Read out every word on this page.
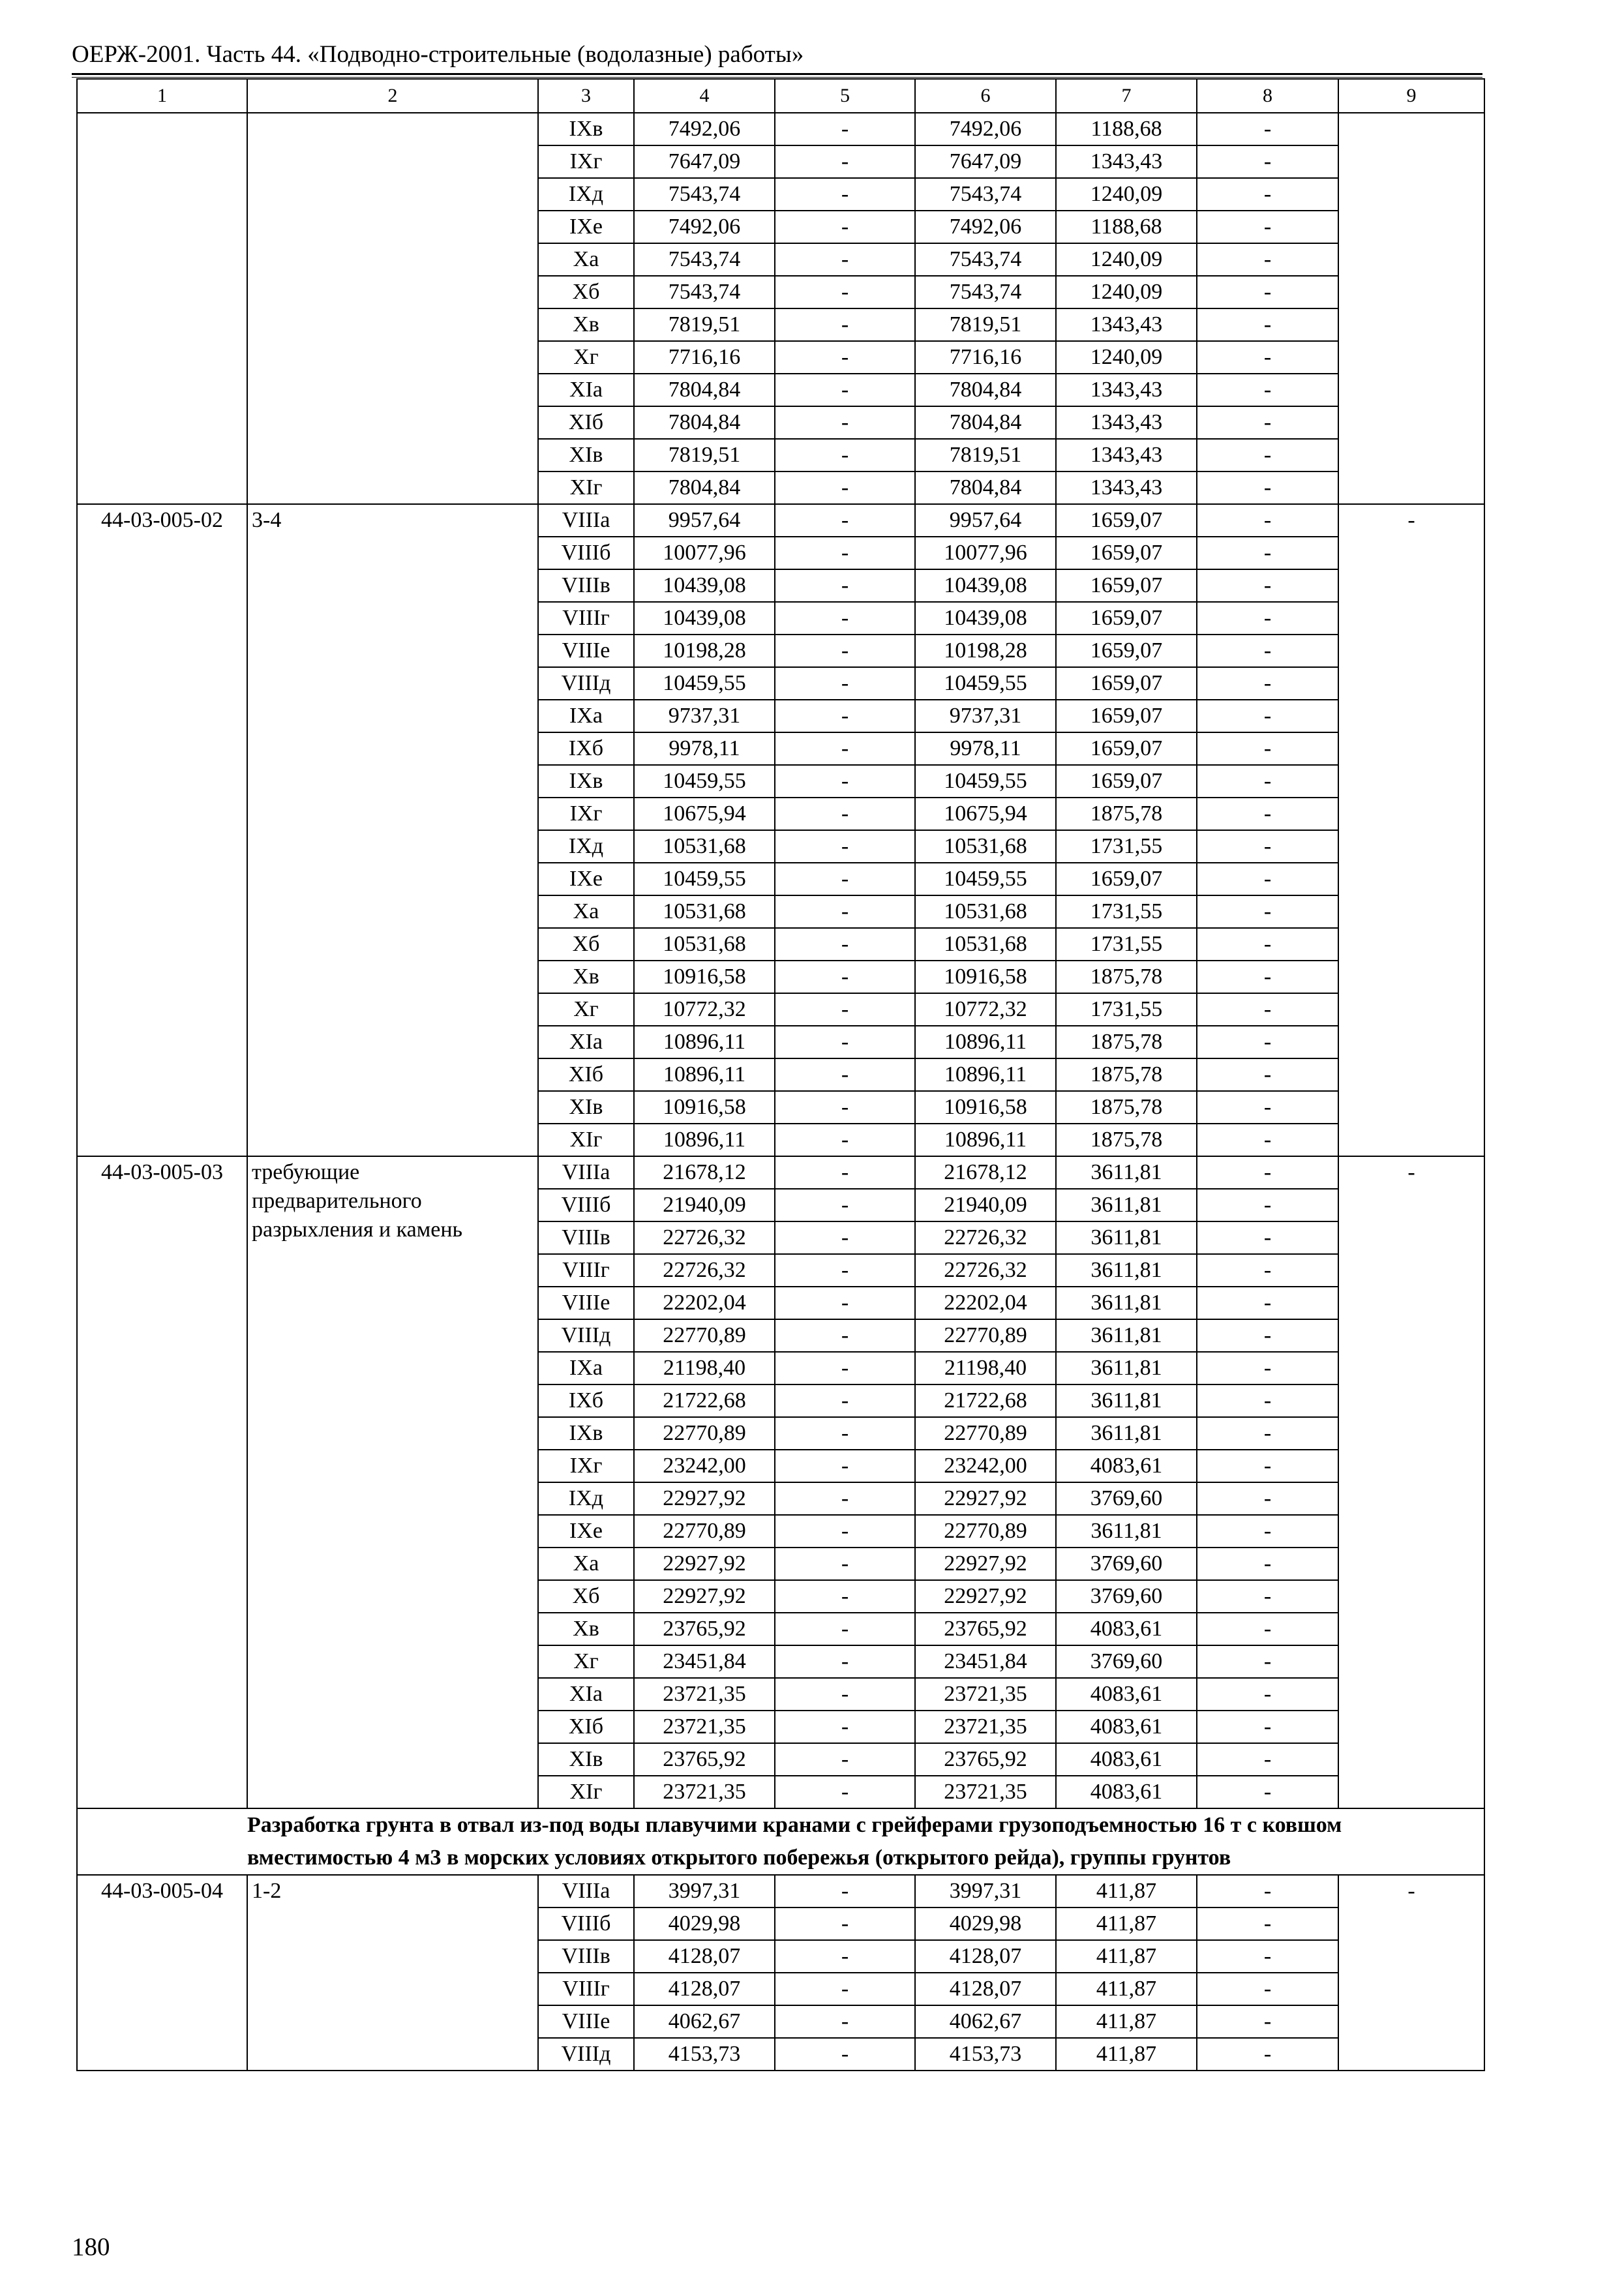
ОЕРЖ-2001. Часть 44. «Подводно-строительные (водолазные) работы»
1	2	3	4	5	6	7	8	9
		IXв	7492,06	-	7492,06	1188,68	-	
		IXг	7647,09	-	7647,09	1343,43	-	
		IXд	7543,74	-	7543,74	1240,09	-	
		IXе	7492,06	-	7492,06	1188,68	-	
		Xа	7543,74	-	7543,74	1240,09	-	
		Xб	7543,74	-	7543,74	1240,09	-	
		Xв	7819,51	-	7819,51	1343,43	-	
		Xг	7716,16	-	7716,16	1240,09	-	
		XIа	7804,84	-	7804,84	1343,43	-	
		XIб	7804,84	-	7804,84	1343,43	-	
		XIв	7819,51	-	7819,51	1343,43	-	
		XIг	7804,84	-	7804,84	1343,43	-	
44-03-005-02	3-4	VIIIа	9957,64	-	9957,64	1659,07	-	-
		VIIIб	10077,96	-	10077,96	1659,07	-	
		VIIIв	10439,08	-	10439,08	1659,07	-	
		VIIIг	10439,08	-	10439,08	1659,07	-	
		VIIIе	10198,28	-	10198,28	1659,07	-	
		VIIIд	10459,55	-	10459,55	1659,07	-	
		IXа	9737,31	-	9737,31	1659,07	-	
		IXб	9978,11	-	9978,11	1659,07	-	
		IXв	10459,55	-	10459,55	1659,07	-	
		IXг	10675,94	-	10675,94	1875,78	-	
		IXд	10531,68	-	10531,68	1731,55	-	
		IXе	10459,55	-	10459,55	1659,07	-	
		Xа	10531,68	-	10531,68	1731,55	-	
		Xб	10531,68	-	10531,68	1731,55	-	
		Xв	10916,58	-	10916,58	1875,78	-	
		Xг	10772,32	-	10772,32	1731,55	-	
		XIа	10896,11	-	10896,11	1875,78	-	
		XIб	10896,11	-	10896,11	1875,78	-	
		XIв	10916,58	-	10916,58	1875,78	-	
		XIг	10896,11	-	10896,11	1875,78	-	
44-03-005-03	требующие предварительного разрыхления и камень	VIIIа	21678,12	-	21678,12	3611,81	-	-
		VIIIб	21940,09	-	21940,09	3611,81	-	
		VIIIв	22726,32	-	22726,32	3611,81	-	
		VIIIг	22726,32	-	22726,32	3611,81	-	
		VIIIе	22202,04	-	22202,04	3611,81	-	
		VIIIд	22770,89	-	22770,89	3611,81	-	
		IXа	21198,40	-	21198,40	3611,81	-	
		IXб	21722,68	-	21722,68	3611,81	-	
		IXв	22770,89	-	22770,89	3611,81	-	
		IXг	23242,00	-	23242,00	4083,61	-	
		IXд	22927,92	-	22927,92	3769,60	-	
		IXе	22770,89	-	22770,89	3611,81	-	
		Xа	22927,92	-	22927,92	3769,60	-	
		Xб	22927,92	-	22927,92	3769,60	-	
		Xв	23765,92	-	23765,92	4083,61	-	
		Xг	23451,84	-	23451,84	3769,60	-	
		XIа	23721,35	-	23721,35	4083,61	-	
		XIб	23721,35	-	23721,35	4083,61	-	
		XIв	23765,92	-	23765,92	4083,61	-	
		XIг	23721,35	-	23721,35	4083,61	-	
	Разработка грунта в отвал из-под воды плавучими кранами с грейферами грузоподъемностью 16 т с ковшом вместимостью 4 м3 в морских условиях открытого побережья (открытого рейда), группы грунтов							
44-03-005-04	1-2	VIIIа	3997,31	-	3997,31	411,87	-	-
		VIIIб	4029,98	-	4029,98	411,87	-	
		VIIIв	4128,07	-	4128,07	411,87	-	
		VIIIг	4128,07	-	4128,07	411,87	-	
		VIIIе	4062,67	-	4062,67	411,87	-	
		VIIIд	4153,73	-	4153,73	411,87	-	
180
